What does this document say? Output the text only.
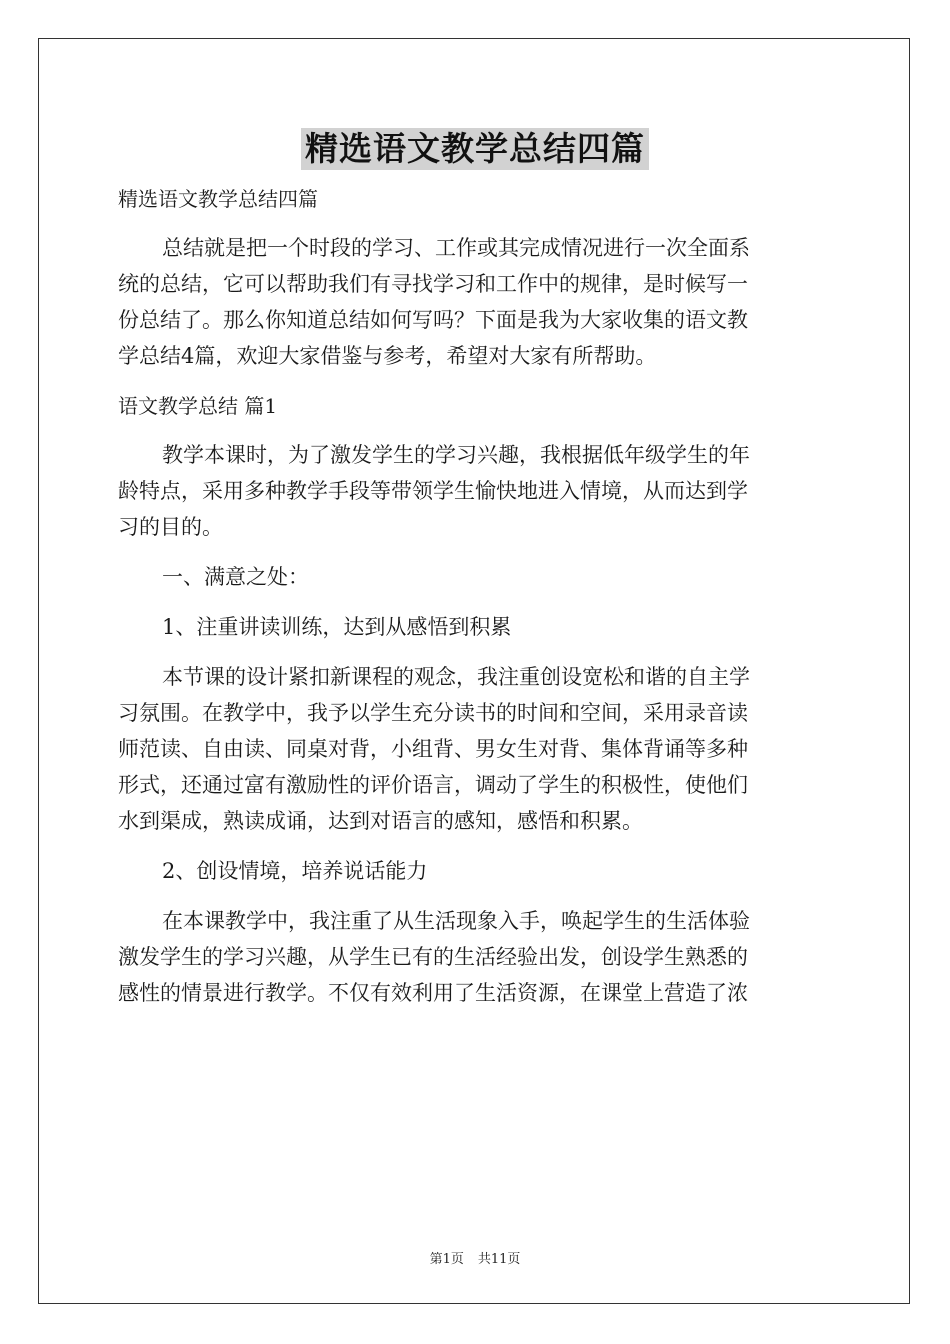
精选语文教学总结四篇
精选语文教学总结四篇
总结就是把一个时段的学习、工作或其完成情况进行一次全面系
统的总结，它可以帮助我们有寻找学习和工作中的规律，是时候写一
份总结了。那么你知道总结如何写吗？下面是我为大家收集的语文教
学总结4篇，欢迎大家借鉴与参考，希望对大家有所帮助。
语文教学总结 篇1
教学本课时，为了激发学生的学习兴趣，我根据低年级学生的年
龄特点，采用多种教学手段等带领学生愉快地进入情境，从而达到学
习的目的。
一、满意之处：
1、注重讲读训练，达到从感悟到积累
本节课的设计紧扣新课程的观念，我注重创设宽松和谐的自主学
习氛围。在教学中，我予以学生充分读书的时间和空间，采用录音读
师范读、自由读、同桌对背，小组背、男女生对背、集体背诵等多种
形式，还通过富有激励性的评价语言，调动了学生的积极性，使他们
水到渠成，熟读成诵，达到对语言的感知，感悟和积累。
2、创设情境，培养说话能力
在本课教学中，我注重了从生活现象入手，唤起学生的生活体验
激发学生的学习兴趣，从学生已有的生活经验出发，创设学生熟悉的
感性的情景进行教学。不仅有效利用了生活资源，在课堂上营造了浓
第1页 共11页
